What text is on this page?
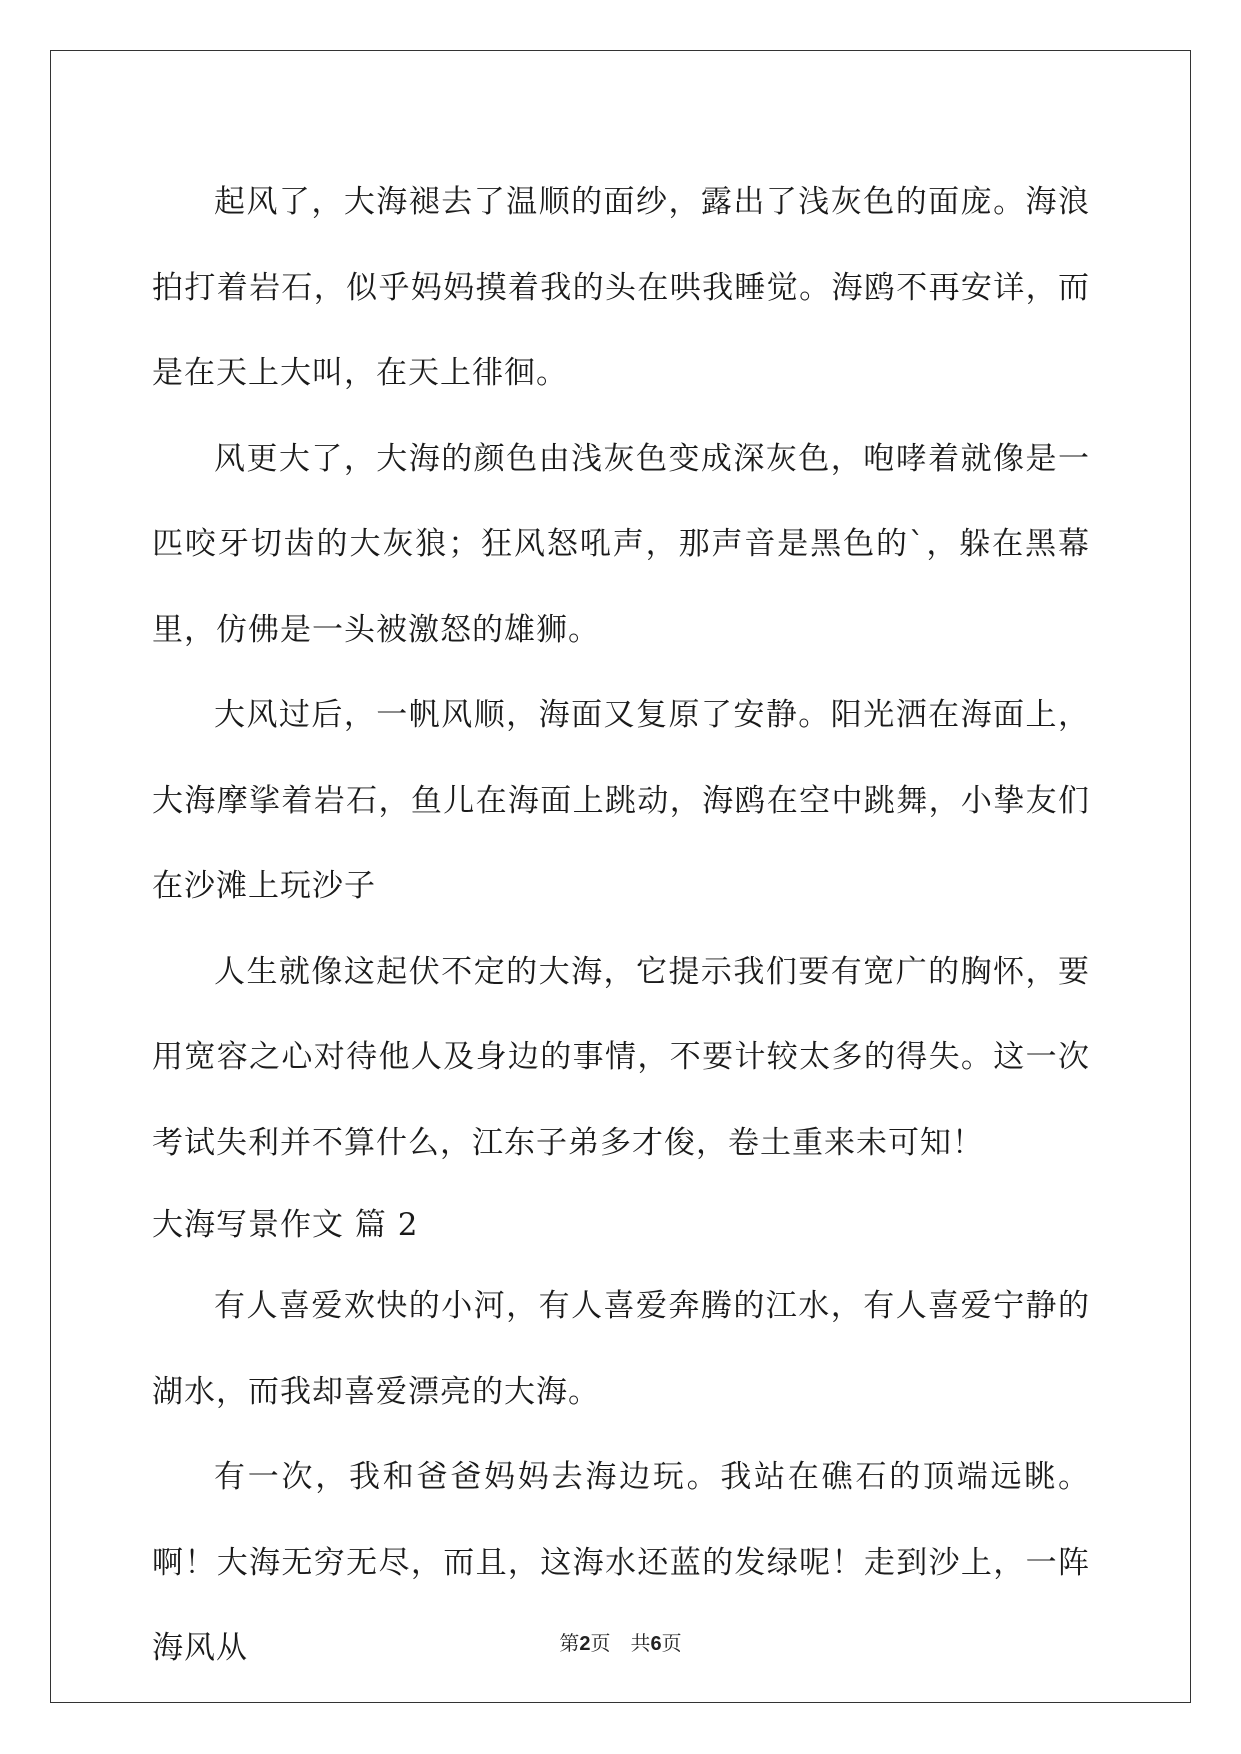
起风了，大海褪去了温顺的面纱，露出了浅灰色的面庞。海浪拍打着岩石，似乎妈妈摸着我的头在哄我睡觉。海鸥不再安详，而是在天上大叫，在天上徘徊。

风更大了，大海的颜色由浅灰色变成深灰色，咆哮着就像是一匹咬牙切齿的大灰狼；狂风怒吼声，那声音是黑色的`，躲在黑幕里，仿佛是一头被激怒的雄狮。

大风过后，一帆风顺，海面又复原了安静。阳光洒在海面上，大海摩挲着岩石，鱼儿在海面上跳动，海鸥在空中跳舞，小挚友们在沙滩上玩沙子

人生就像这起伏不定的大海，它提示我们要有宽广的胸怀，要用宽容之心对待他人及身边的事情，不要计较太多的得失。这一次考试失利并不算什么，江东子弟多才俊，卷土重来未可知！

大海写景作文 篇 2

有人喜爱欢快的小河，有人喜爱奔腾的江水，有人喜爱宁静的湖水，而我却喜爱漂亮的大海。

有一次，我和爸爸妈妈去海边玩。我站在礁石的顶端远眺。啊！大海无穷无尽，而且，这海水还蓝的发绿呢！走到沙上，一阵海风从	第2页 共6页
